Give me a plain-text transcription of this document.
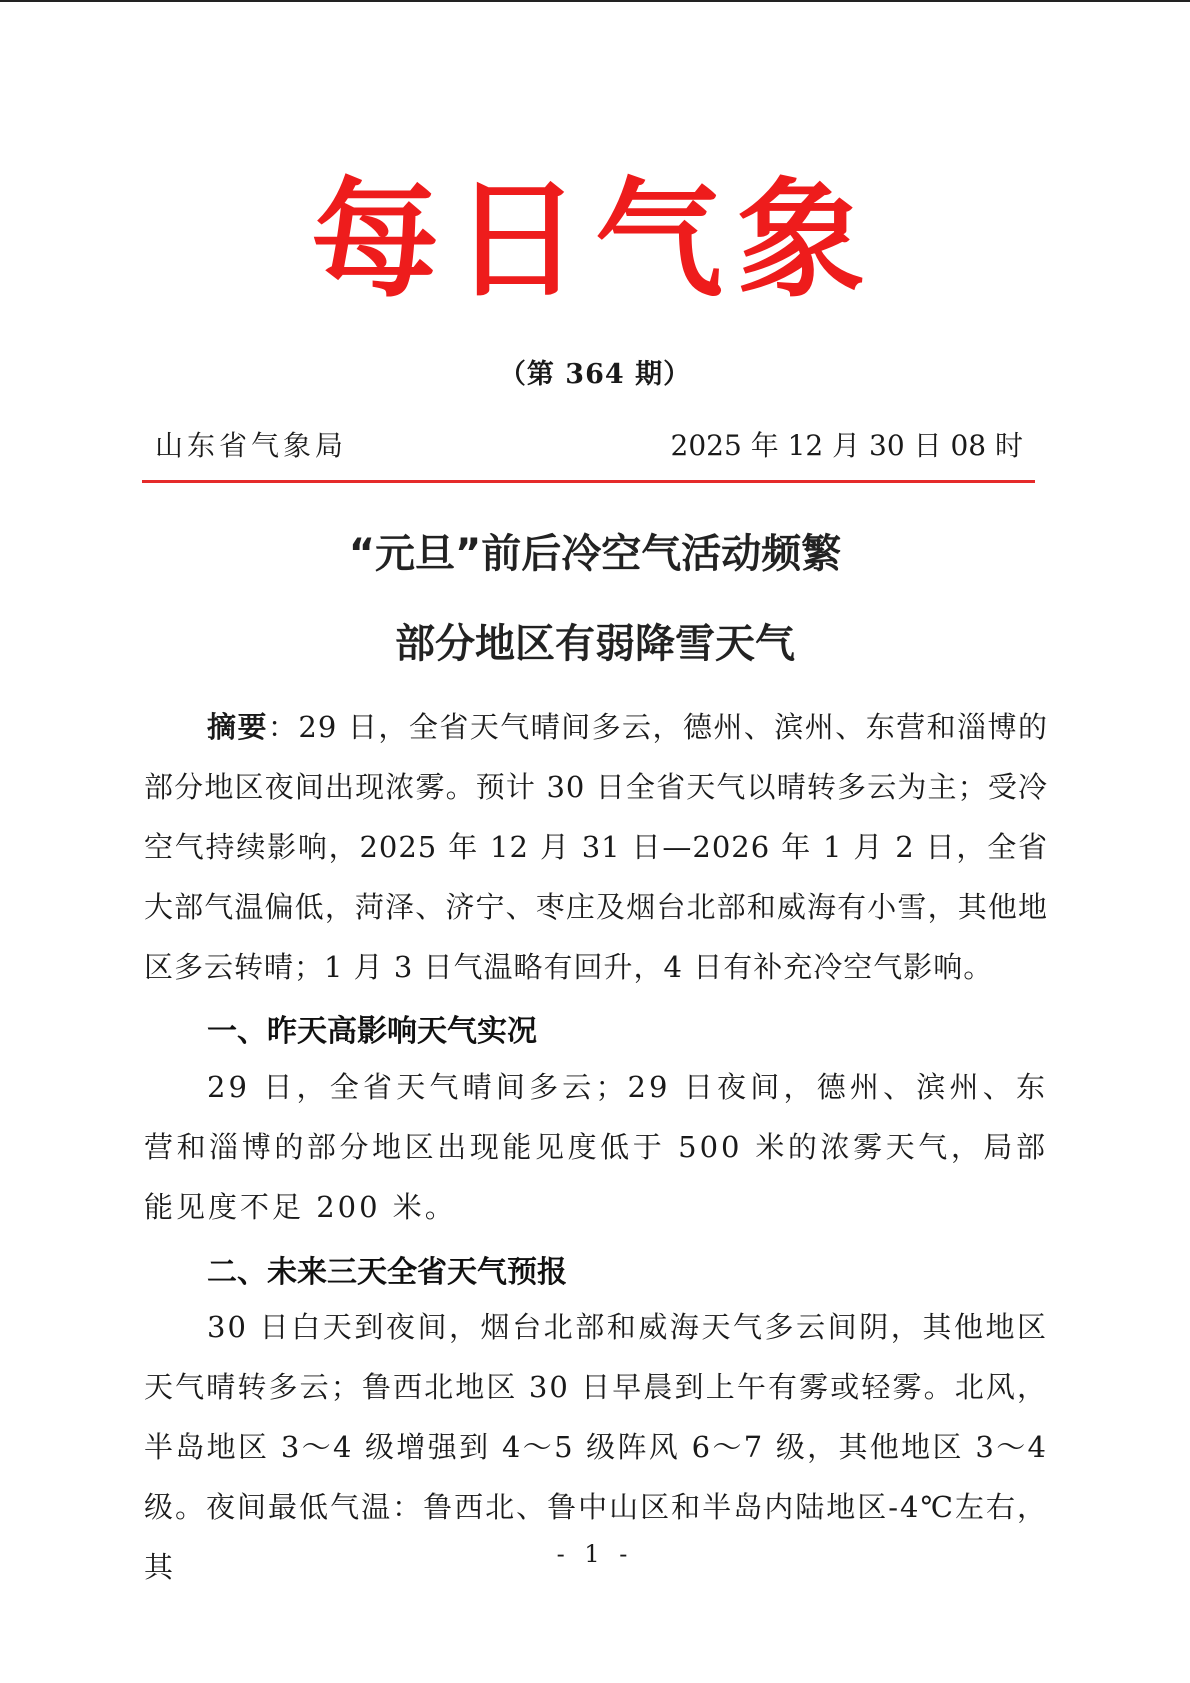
每日气象
（第 364 期）
山东省气象局	2025 年 12 月 30 日 08 时
“元旦”前后冷空气活动频繁
部分地区有弱降雪天气
摘要：29 日，全省天气晴间多云，德州、滨州、东营和淄博的部分地区夜间出现浓雾。预计 30 日全省天气以晴转多云为主；受冷空气持续影响，2025 年 12 月 31 日—2026 年 1 月 2 日，全省大部气温偏低，菏泽、济宁、枣庄及烟台北部和威海有小雪，其他地区多云转晴；1 月 3 日气温略有回升，4 日有补充冷空气影响。
一、昨天高影响天气实况
29 日，全省天气晴间多云；29 日夜间，德州、滨州、东营和淄博的部分地区出现能见度低于 500 米的浓雾天气，局部能见度不足 200 米。
二、未来三天全省天气预报
30 日白天到夜间，烟台北部和威海天气多云间阴，其他地区天气晴转多云；鲁西北地区 30 日早晨到上午有雾或轻雾。北风，半岛地区 3～4 级增强到 4～5 级阵风 6～7 级，其他地区 3～4 级。夜间最低气温：鲁西北、鲁中山区和半岛内陆地区-4℃左右，其	- 1 -
